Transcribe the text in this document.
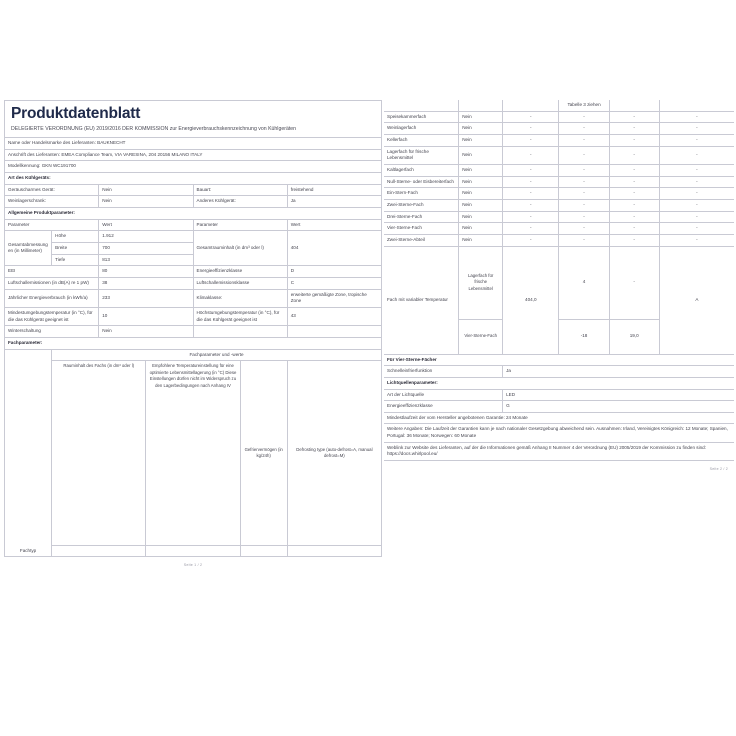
Produktdatenblatt
DELEGIERTE VERORDNUNG (EU) 2019/2016 DER KOMMISSION zur Energieverbrauchskennzeichnung von Kühlgeräten						

Name oder Handelsmarke des Lieferanten: BAUKNECHT						
Anschrift des Lieferanten: EMEA Compliance Team, VIA VARESINA, 204 20156 MILANO ITALY						
Modellkennung: GKN WC191700						
Art des Kühlgeräts:						
Geräuscharmes Gerät:		Nein		Bauart:		freistehend
Weinlagerschrank:		Nein		Anderes Kühlgerät:		Ja
Allgemeine Produktparameter:						
Parameter		Wert		Parameter		Wert
Gesamtabmessungen (in Millimeter)	Höhe	1.912		Gesamtrauminhalt (in dm³ oder l)		404
	Breite	700				
	Tiefe	813				
EEI		80		Energieeffizienzklasse		D
Luftschallemissionen (in dB(A) re 1 pW)		38		Luftschallemissionsklasse		C
Jährlicher Energieverbrauch (in kWh/a)		233		Klimaklasse:		erweiterte gemäßigte Zone, tropische Zone
Mindestumgebungstemperatur (in °C), für die das Kühlgerät geeignet ist		10		Höchstumgebungstemperatur (in °C), für die das Kühlgerät geeignet ist		43
Winterschaltung		Nein				
Fachparameter:						
	Fachparameter und -werte					

	Rauminhalt des Fachs (in dm³ oder l)		Empfohlene Temperatureinstellung für eine optimierte Lebensmittellagerung (in °C) Diese Einstellungen dürfen nicht im Widerspruch zu den Lagerbedingungen nach Anhang IV		Gefriervermögen (in kg/24h)	Defrosting type (auto-defrost=A, manual defrost=M)

Fachtyp						
Seite 1 / 2
			Tabelle 3 ziehen		
Speisekammerfach	Nein	-	-	-	-
Weinlagerfach	Nein	-	-	-	-
Kellerfach	Nein	-	-	-	-
Lagerfach für frische Lebensmittel	Nein	-	-	-	-
Kaltlagerfach	Nein	-	-	-	-
Null-Sterne- oder Eisbereiterfach	Nein	-	-	-	-
Ein-Stern-Fach	Nein	-	-	-	-
Zwei-Sterne-Fach	Nein	-	-	-	-
Drei-Sterne-Fach	Nein	-	-	-	-
Vier-Sterne-Fach	Nein	-	-	-	-
Zwei-Sterne-Abteil	Nein	-	-	-	-
Fach mit variabler Temperatur	Lagerfach für frische Lebensmittel	404,0	4	-	A
	Vier-Sterne-Fach		-18	19,0	
Für Vier-Sterne-Fächer					
Schnelleinfrierfunktion		Ja			
Lichtquellenparameter:					
Art der Lichtquelle		LED			
Energieeffizienzklasse		G			
Mindestlaufzeit der vom Hersteller angebotenen Garantie: 24 Monate					
Weitere Angaben: Die Laufzeit der Garantien kann je nach nationaler Gesetzgebung abweichend sein. Ausnahmen: Irland, Vereinigtes Königreich: 12 Monate; Spanien, Portugal: 36 Monate; Norwegen: 60 Monate					
Weblink zur Website des Lieferanten, auf der die Informationen gemäß Anhang II Nummer 4 der Verordnung (EU) 2005/2019 der Kommission zu finden sind: https://docs.whirlpool.eu/					
Seite 2 / 2
